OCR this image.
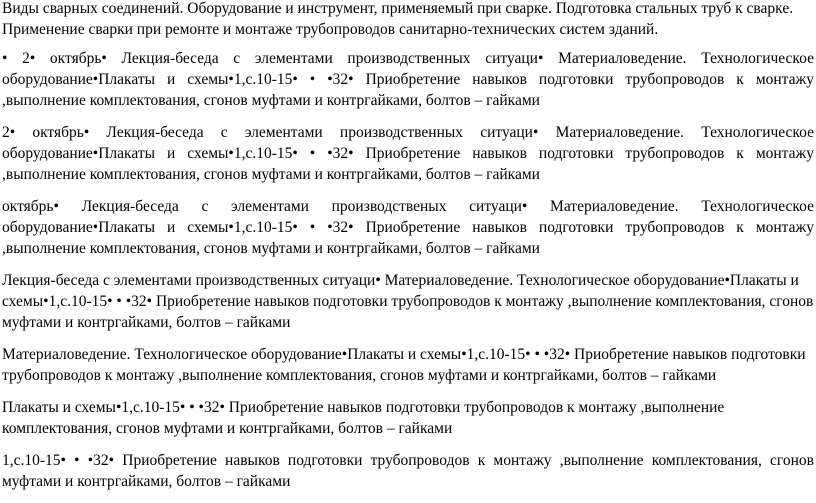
Виды сварных соединений. Оборудование и инструмент, применяемый при сварке. Подготовка стальных труб к сварке. Применение сварки при ремонте и монтаже трубопроводов санитарно-технических систем зданий.

• 2• октябрь• Лекция-беседа с элементами производственных ситуаци• Материаловедение. Технологическое оборудование•Плакаты и схемы•1,с.10-15• • •32• Приобретение навыков подготовки трубопроводов к монтажу ,выполнение комплектования, сгонов муфтами и контргайками, болтов – гайками

2• октябрь• Лекция-беседа с элементами производственных ситуаци• Материаловедение. Технологическое оборудование•Плакаты и схемы•1,с.10-15• • •32• Приобретение навыков подготовки трубопроводов к монтажу ,выполнение комплектования, сгонов муфтами и контргайками, болтов – гайками

октябрь• Лекция-беседа с элементами производственых ситуаци• Материаловедение. Технологическое оборудование•Плакаты и схемы•1,с.10-15• • •32• Приобретение навыков подготовки трубопроводов к монтажу ,выполнение комплектования, сгонов муфтами и контргайками, болтов – гайками

Лекция-беседа с элементами производственных ситуаци• Материаловедение. Технологическое оборудование•Плакаты и схемы•1,с.10-15• • •32• Приобретение навыков подготовки трубопроводов к монтажу ,выполнение комплектования, сгонов муфтами и контргайками, болтов – гайками

Материаловедение. Технологическое оборудование•Плакаты и схемы•1,с.10-15• • •32• Приобретение навыков подготовки трубопроводов к монтажу ,выполнение комплектования, сгонов муфтами и контргайками, болтов – гайками

Плакаты и схемы•1,с.10-15• • •32• Приобретение навыков подготовки трубопроводов к монтажу ,выполнение комплектования, сгонов муфтами и контргайками, болтов – гайками

1,с.10-15• • •32• Приобретение навыков подготовки трубопроводов к монтажу ,выполнение комплектования, сгонов муфтами и контргайками, болтов – гайками
